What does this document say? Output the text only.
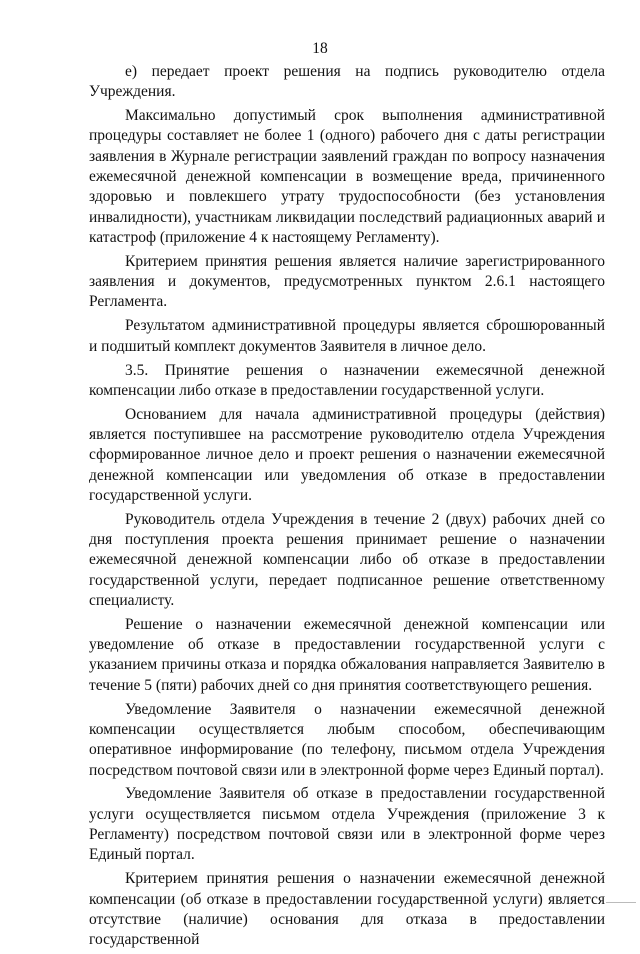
18

е) передает проект решения на подпись руководителю отдела Учреждения.

Максимально допустимый срок выполнения административной процедуры составляет не более 1 (одного) рабочего дня с даты регистрации заявления в Журнале регистрации заявлений граждан по вопросу назначения ежемесячной денежной компенсации в возмещение вреда, причиненного здоровью и повлекшего утрату трудоспособности (без установления инвалидности), участникам ликвидации последствий радиационных аварий и катастроф (приложение 4 к настоящему Регламенту).

Критерием принятия решения является наличие зарегистрированного заявления и документов, предусмотренных пунктом 2.6.1 настоящего Регламента.

Результатом административной процедуры является сброшюрованный и подшитый комплект документов Заявителя в личное дело.

3.5. Принятие решения о назначении ежемесячной денежной компенсации либо отказе в предоставлении государственной услуги.

Основанием для начала административной процедуры (действия) является поступившее на рассмотрение руководителю отдела Учреждения сформированное личное дело и проект решения о назначении ежемесячной денежной компенсации или уведомления об отказе в предоставлении государственной услуги.

Руководитель отдела Учреждения в течение 2 (двух) рабочих дней со дня поступления проекта решения принимает решение о назначении ежемесячной денежной компенсации либо об отказе в предоставлении государственной услуги, передает подписанное решение ответственному специалисту.

Решение о назначении ежемесячной денежной компенсации или уведомление об отказе в предоставлении государственной услуги с указанием причины отказа и порядка обжалования направляется Заявителю в течение 5 (пяти) рабочих дней со дня принятия соответствующего решения.

Уведомление Заявителя о назначении ежемесячной денежной компенсации осуществляется любым способом, обеспечивающим оперативное информирование (по телефону, письмом отдела Учреждения посредством почтовой связи или в электронной форме через Единый портал).

Уведомление Заявителя об отказе в предоставлении государственной услуги осуществляется письмом отдела Учреждения (приложение 3 к Регламенту) посредством почтовой связи или в электронной форме через Единый портал.

Критерием принятия решения о назначении ежемесячной денежной компенсации (об отказе в предоставлении государственной услуги) является отсутствие (наличие) основания для отказа в предоставлении государственной
